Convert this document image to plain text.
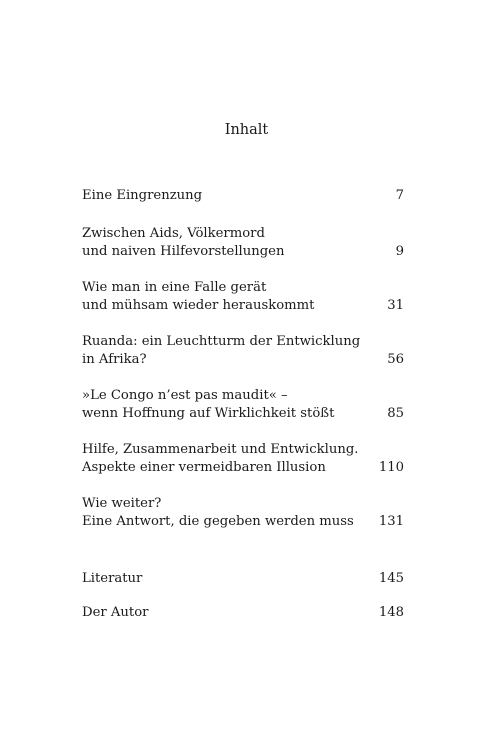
Inhalt
Eine Eingrenzung	7
Zwischen Aids, Völkermord
und naiven Hilfevorstellungen	9
Wie man in eine Falle gerät
und mühsam wieder herauskommt	31
Ruanda: ein Leuchtturm der Entwicklung
in Afrika?	56
»Le Congo n’est pas maudit« –
wenn Hoffnung auf Wirklichkeit stößt	85
Hilfe, Zusammenarbeit und Entwicklung.
Aspekte einer vermeidbaren Illusion	110
Wie weiter?
Eine Antwort, die gegeben werden muss 131
Literatur	145
Der Autor	148
